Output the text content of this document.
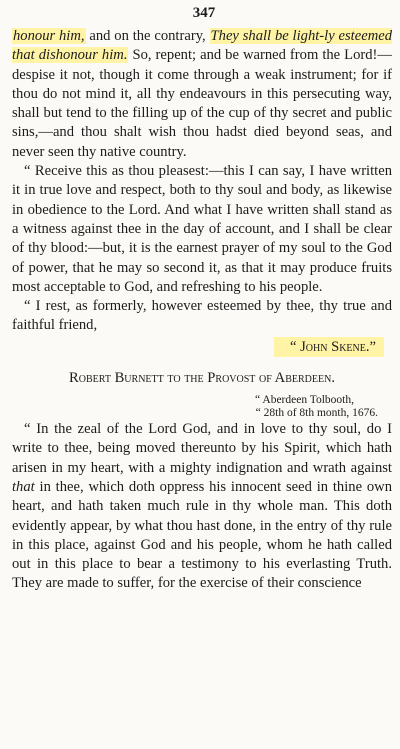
347

honour him, and on the contrary, They shall be light-ly esteemed that dishonour him. So, repent; and be warned from the Lord!—despise it not, though it come through a weak instrument; for if thou do not mind it, all thy endeavours in this persecuting way, shall but tend to the filling up of the cup of thy secret and public sins,—and thou shalt wish thou hadst died beyond seas, and never seen thy native country.

“ Receive this as thou pleasest:—this I can say, I have written it in true love and respect, both to thy soul and body, as likewise in obedience to the Lord. And what I have written shall stand as a witness against thee in the day of account, and I shall be clear of thy blood:—but, it is the earnest prayer of my soul to the God of power, that he may so second it, as that it may produce fruits most acceptable to God, and refreshing to his people.

“ I rest, as formerly, however esteemed by thee, thy true and faithful friend,

“ John Skene.”
Robert Burnett to the Provost of Aberdeen.
“ Aberdeen Tolbooth,
“ 28th of 8th month, 1676.

“ In the zeal of the Lord God, and in love to thy soul, do I write to thee, being moved thereunto by his Spirit, which hath arisen in my heart, with a mighty indignation and wrath against that in thee, which doth oppress his innocent seed in thine own heart, and hath taken much rule in thy whole man. This doth evidently appear, by what thou hast done, in the entry of thy rule in this place, against God and his people, whom he hath called out in this place to bear a testimony to his everlasting Truth. They are made to suffer, for the exercise of their conscience
